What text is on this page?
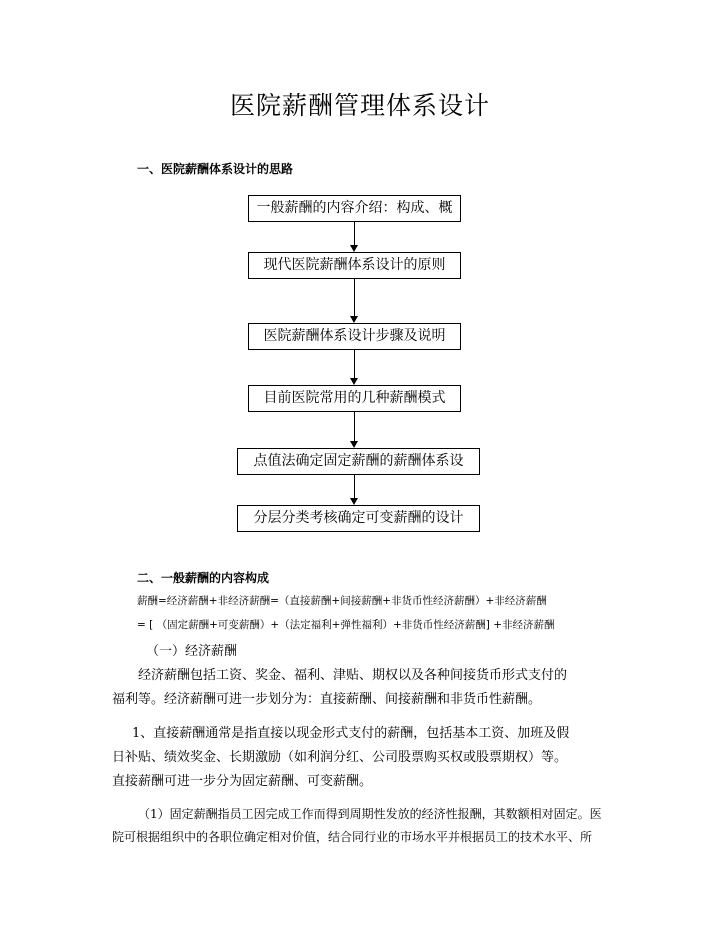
医院薪酬管理体系设计
一、医院薪酬体系设计的思路
一般薪酬的内容介绍：构成、概
现代医院薪酬体系设计的原则
医院薪酬体系设计步骤及说明
目前医院常用的几种薪酬模式
点值法确定固定薪酬的薪酬体系设
分层分类考核确定可变薪酬的设计
二、一般薪酬的内容构成
薪酬=经济薪酬+非经济薪酬=（直接薪酬+间接薪酬+非货币性经济薪酬）+非经济薪酬
= [ （固定薪酬+可变薪酬）+（法定福利+弹性福利）+非货币性经济薪酬] +非经济薪酬
（一）经济薪酬
经济薪酬包括工资、奖金、福利、津贴、期权以及各种间接货币形式支付的
福利等。经济薪酬可进一步划分为：直接薪酬、间接薪酬和非货币性薪酬。
1、直接薪酬通常是指直接以现金形式支付的薪酬，包括基本工资、加班及假
日补贴、绩效奖金、长期激励（如利润分红、公司股票购买权或股票期权）等。
直接薪酬可进一步分为固定薪酬、可变薪酬。
（1）固定薪酬指员工因完成工作而得到周期性发放的经济性报酬，其数额相对固定。医
院可根据组织中的各职位确定相对价值，结合同行业的市场水平并根据员工的技术水平、所
